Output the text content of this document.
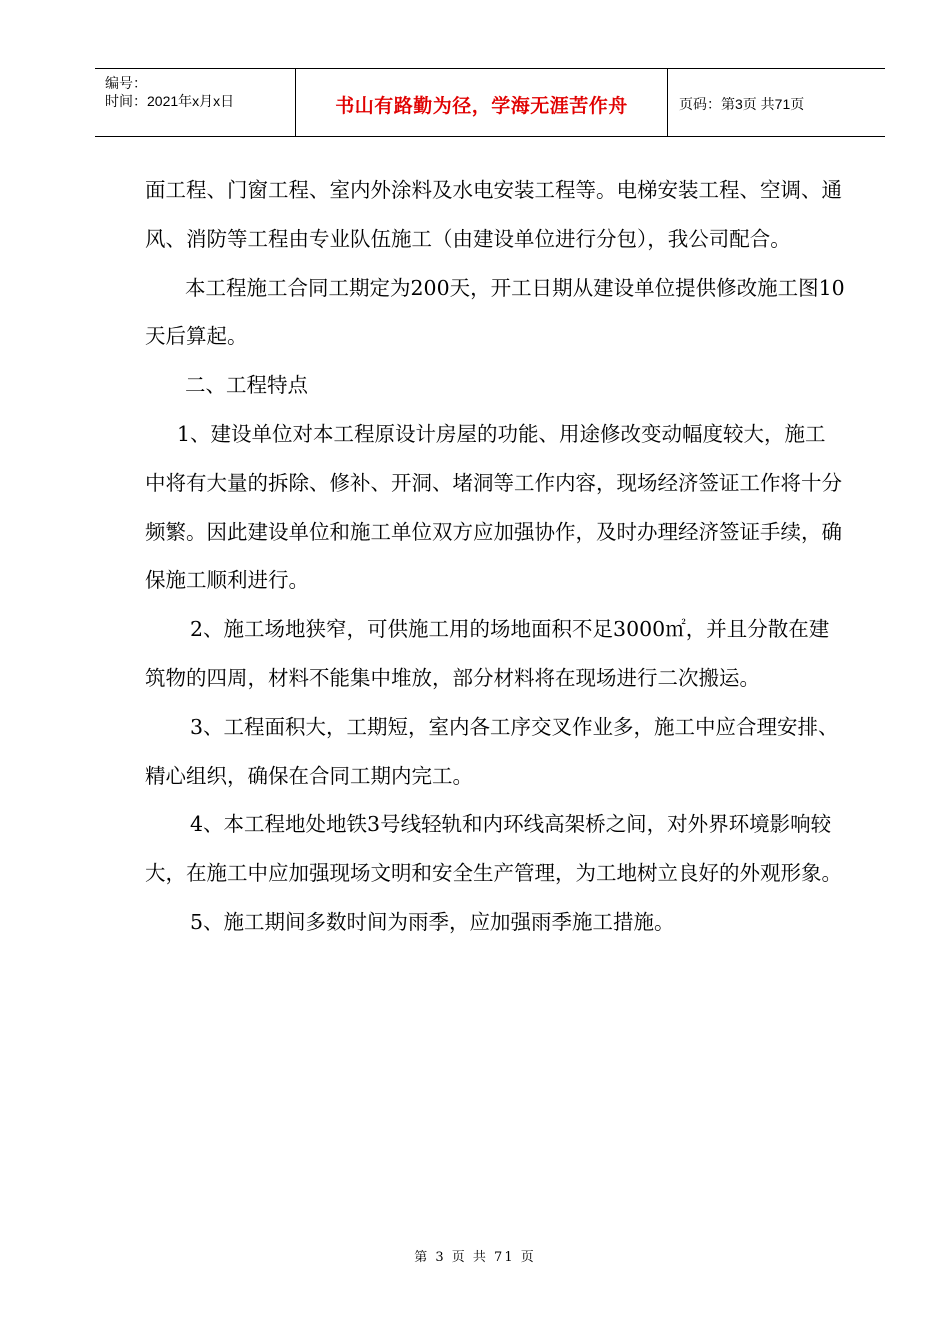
编号：
时间：2021年x月x日	书山有路勤为径，学海无涯苦作舟	页码：第3页 共71页

面工程、门窗工程、室内外涂料及水电安装工程等。电梯安装工程、空调、通风、消防等工程由专业队伍施工（由建设单位进行分包），我公司配合。

本工程施工合同工期定为200天，开工日期从建设单位提供修改施工图10天后算起。

二、工程特点

1、建设单位对本工程原设计房屋的功能、用途修改变动幅度较大，施工中将有大量的拆除、修补、开洞、堵洞等工作内容，现场经济签证工作将十分频繁。因此建设单位和施工单位双方应加强协作，及时办理经济签证手续，确保施工顺利进行。

2、施工场地狭窄，可供施工用的场地面积不足3000㎡，并且分散在建筑物的四周，材料不能集中堆放，部分材料将在现场进行二次搬运。

3、工程面积大，工期短，室内各工序交叉作业多，施工中应合理安排、精心组织，确保在合同工期内完工。

4、本工程地处地铁3号线轻轨和内环线高架桥之间，对外界环境影响较大，在施工中应加强现场文明和安全生产管理，为工地树立良好的外观形象。

5、施工期间多数时间为雨季，应加强雨季施工措施。

第 3 页 共 71 页
